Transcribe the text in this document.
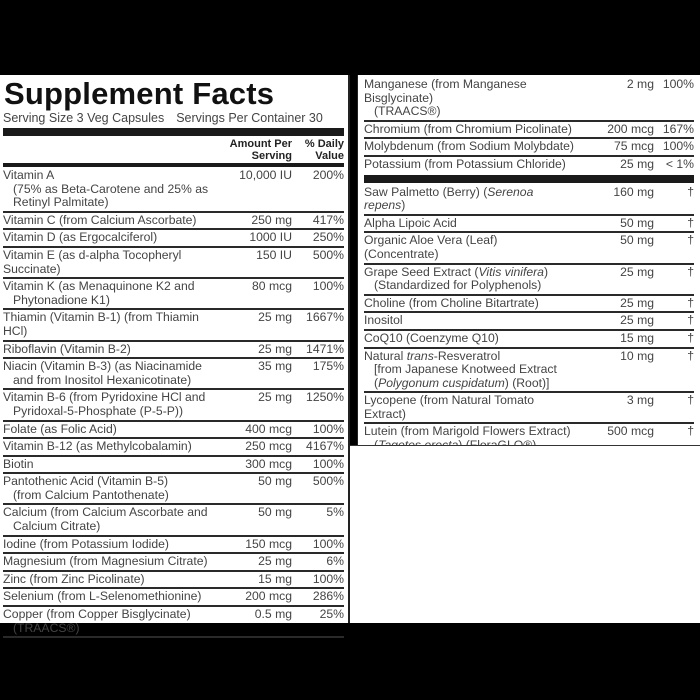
Supplement Facts
Serving Size 3 Veg Capsules Servings Per Container 30
Amount Per
Serving
% Daily
Value
Vitamin A
(75% as Beta-Carotene and 25% as Retinyl Palmitate)
10,000 IU	200%
Vitamin C (from Calcium Ascorbate)	250 mg	417%
Vitamin D (as Ergocalciferol)	1000 IU	250%
Vitamin E (as d-alpha Tocopheryl Succinate)
150 IU	500%
Vitamin K (as Menaquinone K2 and
Phytonadione K1)
80 mcg	100%
Thiamin (Vitamin B-1) (from Thiamin HCl)
25 mg	1667%
Riboflavin (Vitamin B-2)	25 mg	1471%
Niacin (Vitamin B-3) (as Niacinamide
and from Inositol Hexanicotinate)
35 mg	175%
Vitamin B-6 (from Pyridoxine HCl and
Pyridoxal-5-Phosphate (P-5-P))
25 mg	1250%
Folate (as Folic Acid)	400 mcg	100%
Vitamin B-12 (as Methylcobalamin)	250 mcg	4167%
Biotin	300 mcg	100%
Pantothenic Acid (Vitamin B-5)
(from Calcium Pantothenate)
50 mg	500%
Calcium (from Calcium Ascorbate and
Calcium Citrate)
50 mg	5%
Iodine (from Potassium Iodide)	150 mcg	100%
Magnesium (from Magnesium Citrate)	25 mg	6%
Zinc (from Zinc Picolinate)	15 mg	100%
Selenium (from L-Selenomethionine)	200 mcg	286%
Copper (from Copper Bisglycinate)
(TRAACS®)
0.5 mg	25%
Manganese (from Manganese Bisglycinate)
(TRAACS®)
2 mg 100%
Chromium (from Chromium Picolinate)	200 mcg 167%
Molybdenum (from Sodium Molybdate)	75 mcg 100%
Potassium (from Potassium Chloride)	25 mg < 1%
Saw Palmetto (Berry) (Serenoa repens)
160 mg	†
Alpha Lipoic Acid	50 mg	†
Organic Aloe Vera (Leaf) (Concentrate)
50 mg	†
Grape Seed Extract (Vitis vinifera)
(Standardized for Polyphenols)
25 mg	†
Choline (from Choline Bitartrate)	25 mg	†
Inositol	25 mg	†
CoQ10 (Coenzyme Q10)	15 mg	†
Natural trans-Resveratrol
[from Japanese Knotweed Extract (Polygonum cuspidatum) (Root)]
10 mg	†
Lycopene (from Natural Tomato Extract)
3 mg	†
Lutein (from Marigold Flowers Extract)	500 mcg	†
